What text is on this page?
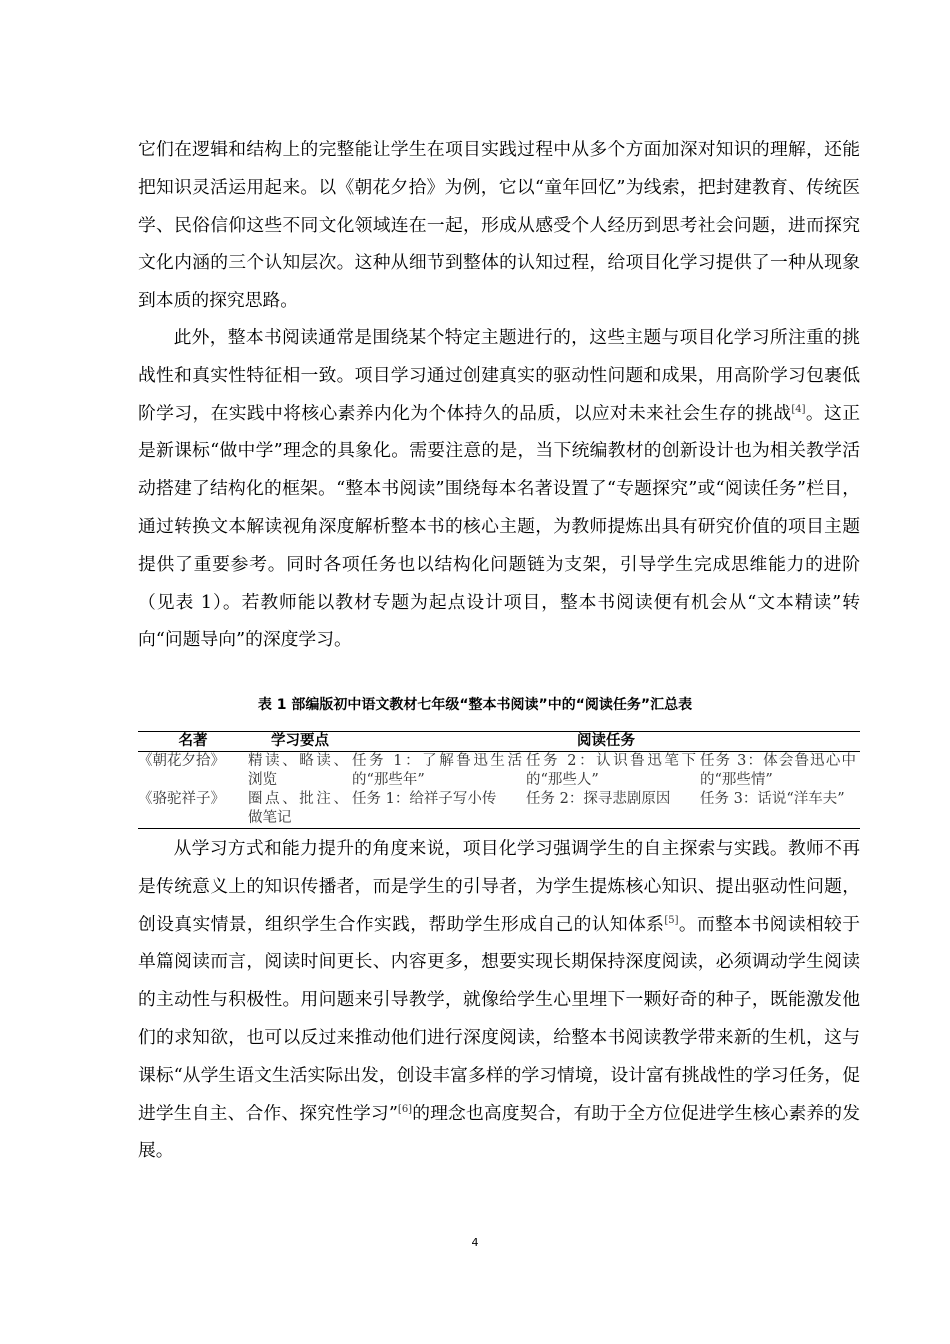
它们在逻辑和结构上的完整能让学生在项目实践过程中从多个方面加深对知识的理解，还能把知识灵活运用起来。以《朝花夕拾》为例，它以“童年回忆”为线索，把封建教育、传统医学、民俗信仰这些不同文化领域连在一起，形成从感受个人经历到思考社会问题，进而探究文化内涵的三个认知层次。这种从细节到整体的认知过程，给项目化学习提供了一种从现象到本质的探究思路。

此外，整本书阅读通常是围绕某个特定主题进行的，这些主题与项目化学习所注重的挑战性和真实性特征相一致。项目学习通过创建真实的驱动性问题和成果，用高阶学习包裹低阶学习，在实践中将核心素养内化为个体持久的品质，以应对未来社会生存的挑战[4]。这正是新课标“做中学”理念的具象化。需要注意的是，当下统编教材的创新设计也为相关教学活动搭建了结构化的框架。“整本书阅读”围绕每本名著设置了“专题探究”或“阅读任务”栏目，通过转换文本解读视角深度解析整本书的核心主题，为教师提炼出具有研究价值的项目主题提供了重要参考。同时各项任务也以结构化问题链为支架，引导学生完成思维能力的进阶（见表 1）。若教师能以教材专题为起点设计项目，整本书阅读便有机会从“文本精读”转向“问题导向”的深度学习。

表 1 部编版初中语文教材七年级“整本书阅读”中的“阅读任务”汇总表
名著	学习要点	阅读任务		
《朝花夕拾》	精读、略读、浏览	任务 1：了解鲁迅生活的“那些年”	任务 2：认识鲁迅笔下的“那些人”	任务 3：体会鲁迅心中的“那些情”
《骆驼祥子》	圈点、批注、做笔记	任务 1：给祥子写小传	任务 2：探寻悲剧原因	任务 3：话说“洋车夫”

从学习方式和能力提升的角度来说，项目化学习强调学生的自主探索与实践。教师不再是传统意义上的知识传播者，而是学生的引导者，为学生提炼核心知识、提出驱动性问题，创设真实情景，组织学生合作实践，帮助学生形成自己的认知体系[5]。而整本书阅读相较于单篇阅读而言，阅读时间更长、内容更多，想要实现长期保持深度阅读，必须调动学生阅读的主动性与积极性。用问题来引导教学，就像给学生心里埋下一颗好奇的种子，既能激发他们的求知欲，也可以反过来推动他们进行深度阅读，给整本书阅读教学带来新的生机，这与课标“从学生语文生活实际出发，创设丰富多样的学习情境，设计富有挑战性的学习任务，促进学生自主、合作、探究性学习”[6]的理念也高度契合，有助于全方位促进学生核心素养的发展。

4
